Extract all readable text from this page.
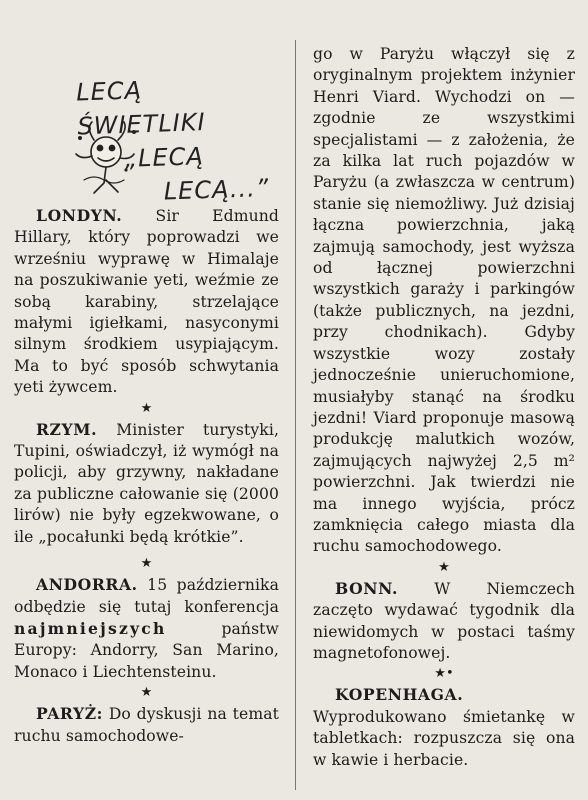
LECĄ ŚWIETLIKI
„LECĄ
LECĄ...”

LONDYN. Sir Edmund Hillary, który poprowadzi we wrześniu wyprawę w Himalaje na poszukiwanie yeti, weźmie ze sobą karabiny, strzelające małymi igiełkami, nasyconymi silnym środkiem usypiającym. Ma to być sposób schwytania yeti żywcem.

★

RZYM. Minister turystyki, Tupini, oświadczył, iż wymógł na policji, aby grzywny, nakładane za publiczne całowanie się (2000 lirów) nie były egzekwowane, o ile „pocałunki będą krótkie”.

★

ANDORRA. 15 października odbędzie się tutaj konferencja najmniejszych	państw Europy: Andorry, San Marino, Monaco i Liechtensteinu.

★

PARYŻ: Do dyskusji na temat ruchu samochodowe-

go w Paryżu włączył się z oryginalnym projektem inżynier Henri Viard. Wychodzi on — zgodnie ze wszystkimi specjalistami — z założenia, że za kilka lat ruch pojazdów w Paryżu (a zwłaszcza w centrum) stanie się niemożliwy. Już dzisiaj łączna powierzchnia, jaką zajmują samochody, jest wyższa od łącznej powierzchni wszystkich garaży i parkingów (także publicznych, na jezdni, przy chodnikach). Gdyby wszystkie wozy zostały jednocześnie unieruchomione, musiałyby stanąć na środku jezdni! Viard proponuje masową produkcję malutkich wozów, zajmujących najwyżej 2,5 m² powierzchni. Jak twierdzi nie ma innego wyjścia, prócz zamknięcia całego miasta dla ruchu samochodowego.

★

BONN. W Niemczech zaczęto wydawać tygodnik dla niewidomych w postaci taśmy magnetofonowej.

★•

KOPENHAGA. Wyprodukowano śmietankę w tabletkach: rozpuszcza się ona w kawie i herbacie.
